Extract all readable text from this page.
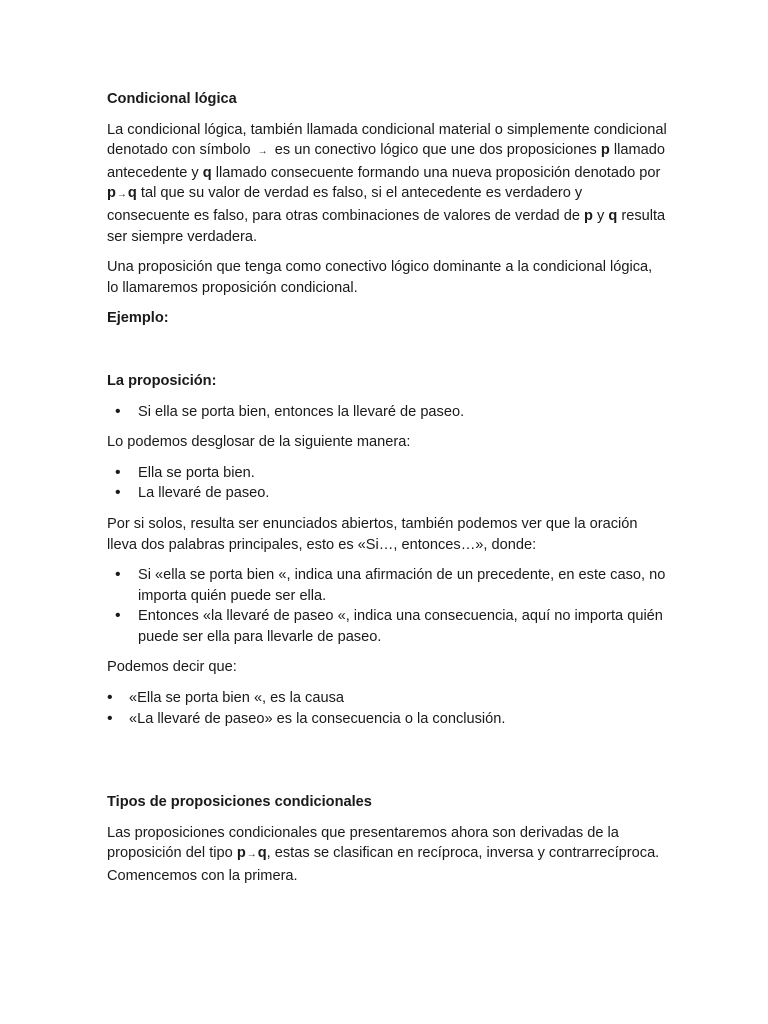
Condicional lógica

La condicional lógica, también llamada condicional material o simplemente condicional denotado con símbolo → es un conectivo lógico que une dos proposiciones p llamado antecedente y q llamado consecuente formando una nueva proposición denotado por p→q tal que su valor de verdad es falso, si el antecedente es verdadero y consecuente es falso, para otras combinaciones de valores de verdad de p y q resulta ser siempre verdadera.

Una proposición que tenga como conectivo lógico dominante a la condicional lógica, lo llamaremos proposición condicional.

Ejemplo:
La proposición:
• Si ella se porta bien, entonces la llevaré de paseo.

Lo podemos desglosar de la siguiente manera:

• Ella se porta bien.
• La llevaré de paseo.

Por si solos, resulta ser enunciados abiertos, también podemos ver que la oración lleva dos palabras principales, esto es «Si…, entonces…», donde:

• Si «ella se porta bien «, indica una afirmación de un precedente, en este caso, no importa quién puede ser ella.
• Entonces «la llevaré de paseo «, indica una consecuencia, aquí no importa quién puede ser ella para llevarle de paseo.

Podemos decir que:

• «Ella se porta bien «, es la causa
• «La llevaré de paseo» es la consecuencia o la conclusión.
Tipos de proposiciones condicionales

Las proposiciones condicionales que presentaremos ahora son derivadas de la proposición del tipo p→q, estas se clasifican en recíproca, inversa y contrarrecíproca. Comencemos con la primera.
